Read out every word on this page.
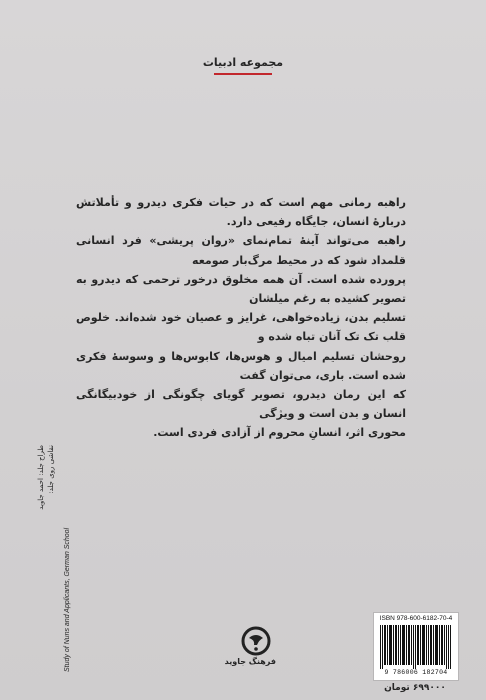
مجموعه ادبیات

راهبه رمانی مهم است که در حیات فکری دیدرو و تأملاتش دربارهٔ انسان، جایگاه رفیعی دارد.

راهبه می‌تواند آینهٔ تمام‌نمای «روان پریشی» فرد انسانی قلمداد شود که در محیط مرگ‌بار صومعه

پرورده شده است. آن همه مخلوق درخور ترحمی که دیدرو به تصویر کشیده به رغم میلشان

تسلیم بدن، زیاده‌خواهی، غرایز و عصیان خود شده‌اند. خلوص قلب تک تک آنان تباه شده و

روحشان تسلیم امیال و هوس‌ها، کابوس‌ها و وسوسهٔ فکری شده است. باری، می‌توان گفت

که این رمان دیدرو، تصویر گویای چگونگی از خودبیگانگی انسان و بدن است و ویژگی

محوری اثر، انسانِ محروم از آزادی فردی است.

طراح جلد: احمد جاوید نقاشی روی جلد:
Study of Nuns and Applicants, German School	فرهنگ جاوید
ISBN 978-600-6182-70-4
9 786006 182704
۶۹۹۰۰۰ تومان
